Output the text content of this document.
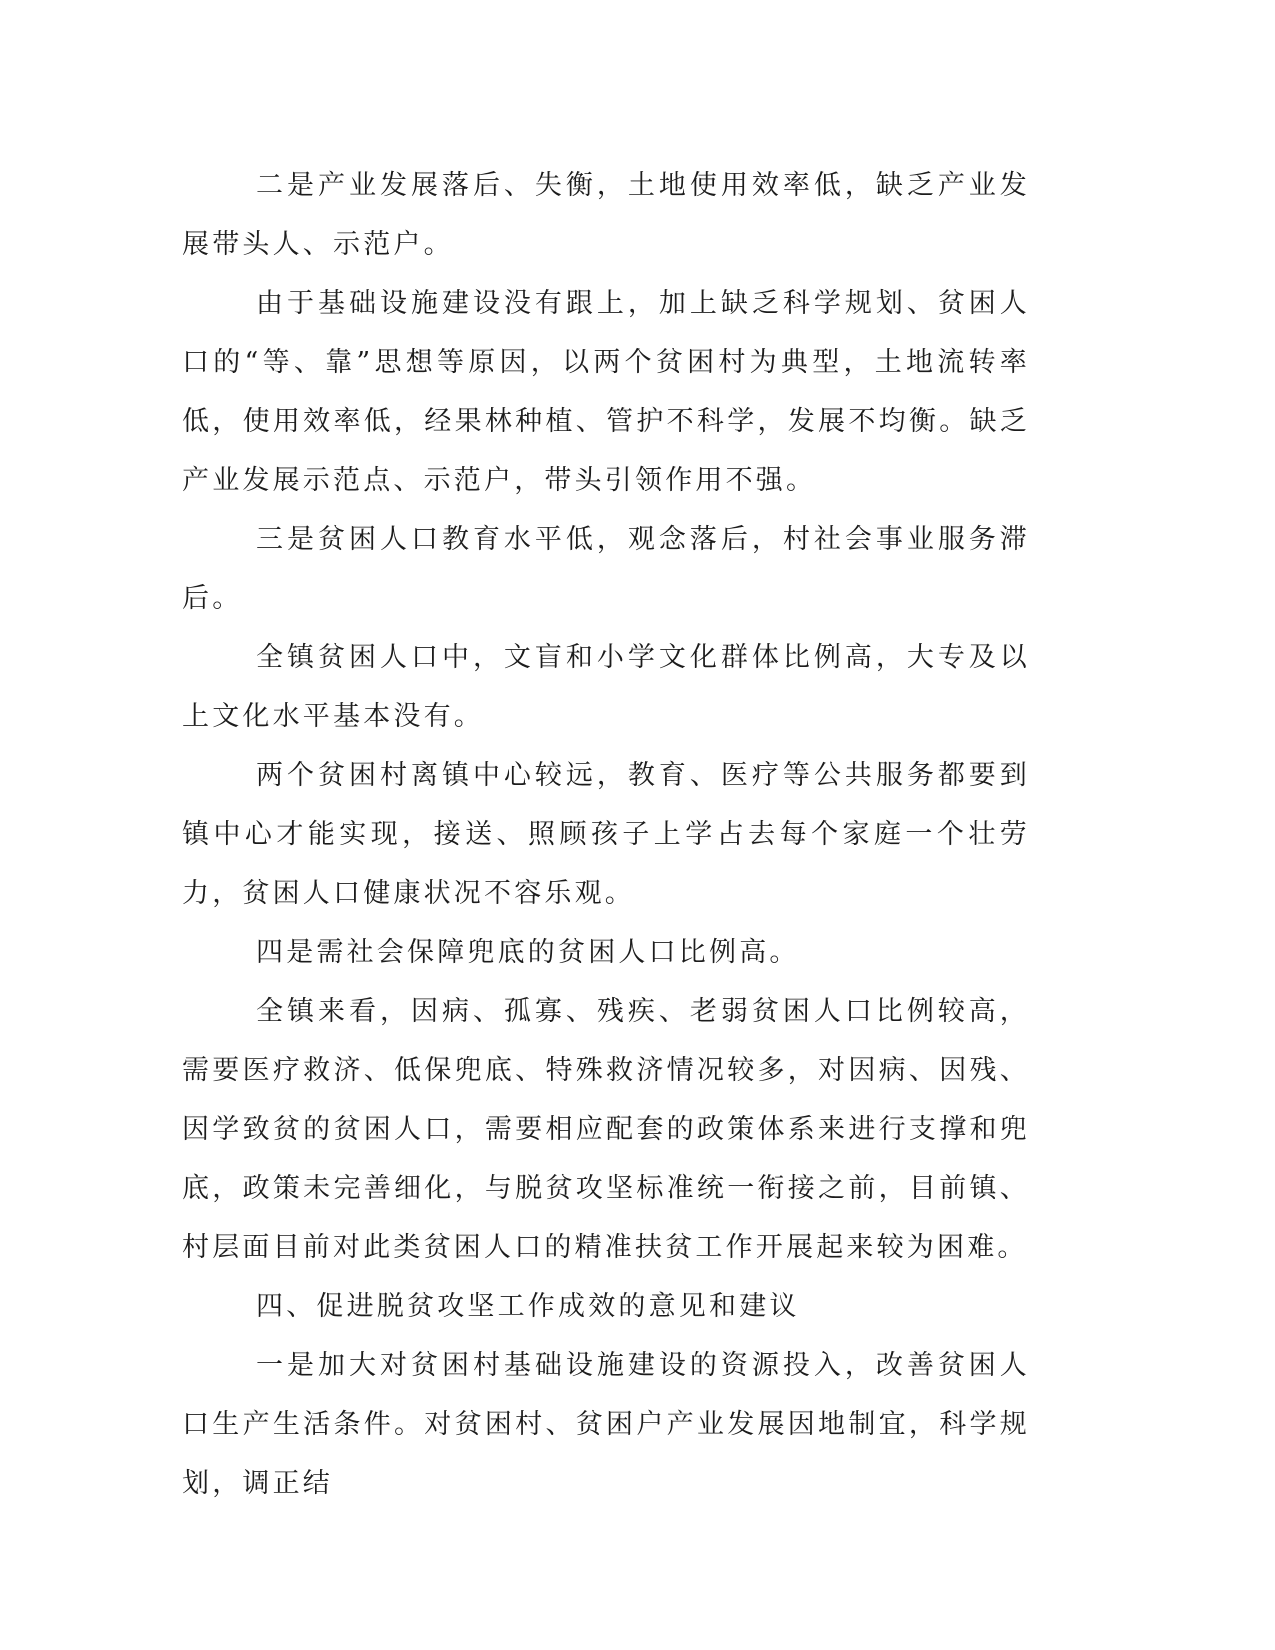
二是产业发展落后、失衡，土地使用效率低，缺乏产业发展带头人、示范户。

由于基础设施建设没有跟上，加上缺乏科学规划、贫困人口的“等、靠”思想等原因，以两个贫困村为典型，土地流转率低，使用效率低，经果林种植、管护不科学，发展不均衡。缺乏产业发展示范点、示范户，带头引领作用不强。

三是贫困人口教育水平低，观念落后，村社会事业服务滞后。

全镇贫困人口中，文盲和小学文化群体比例高，大专及以上文化水平基本没有。

两个贫困村离镇中心较远，教育、医疗等公共服务都要到镇中心才能实现，接送、照顾孩子上学占去每个家庭一个壮劳力，贫困人口健康状况不容乐观。

四是需社会保障兜底的贫困人口比例高。

全镇来看，因病、孤寡、残疾、老弱贫困人口比例较高，需要医疗救济、低保兜底、特殊救济情况较多，对因病、因残、因学致贫的贫困人口，需要相应配套的政策体系来进行支撑和兜底，政策未完善细化，与脱贫攻坚标准统一衔接之前，目前镇、村层面目前对此类贫困人口的精准扶贫工作开展起来较为困难。

四、促进脱贫攻坚工作成效的意见和建议

一是加大对贫困村基础设施建设的资源投入，改善贫困人口生产生活条件。对贫困村、贫困户产业发展因地制宜，科学规划，调正结
